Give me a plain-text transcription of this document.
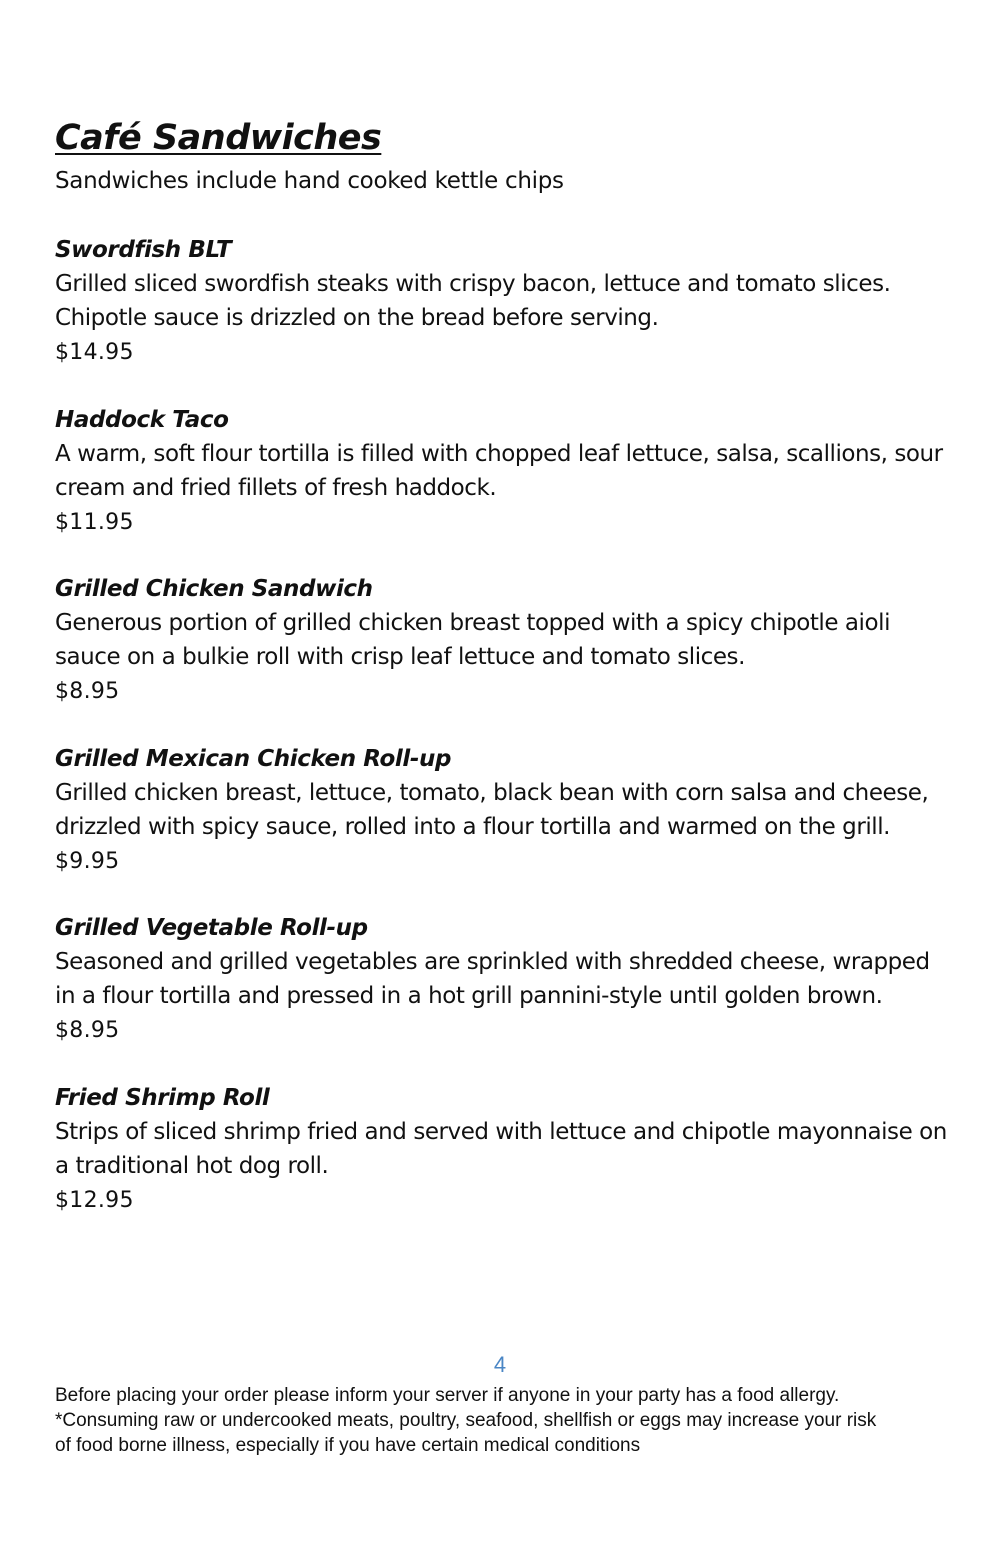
Café Sandwiches
Sandwiches include hand cooked kettle chips
Swordfish BLT
Grilled sliced swordfish steaks with crispy bacon, lettuce and tomato slices. Chipotle sauce is drizzled on the bread before serving.
$14.95
Haddock Taco
A warm, soft flour tortilla is filled with chopped leaf lettuce, salsa, scallions, sour cream and fried fillets of fresh haddock.
$11.95
Grilled Chicken Sandwich
Generous portion of grilled chicken breast topped with a spicy chipotle aioli sauce on a bulkie roll with crisp leaf lettuce and tomato slices.
$8.95
Grilled Mexican Chicken Roll-up
Grilled chicken breast, lettuce, tomato, black bean with corn salsa and cheese, drizzled with spicy sauce, rolled into a flour tortilla and warmed on the grill.
$9.95
Grilled Vegetable Roll-up
Seasoned and grilled vegetables are sprinkled with shredded cheese, wrapped in a flour tortilla and pressed in a hot grill pannini-style until golden brown.
$8.95
Fried Shrimp Roll
Strips of sliced shrimp fried and served with lettuce and chipotle mayonnaise on a traditional hot dog roll.
$12.95
4
Before placing your order please inform your server if anyone in your party has a food allergy.
*Consuming raw or undercooked meats, poultry, seafood, shellfish or eggs may increase your risk
of food borne illness, especially if you have certain medical conditions
